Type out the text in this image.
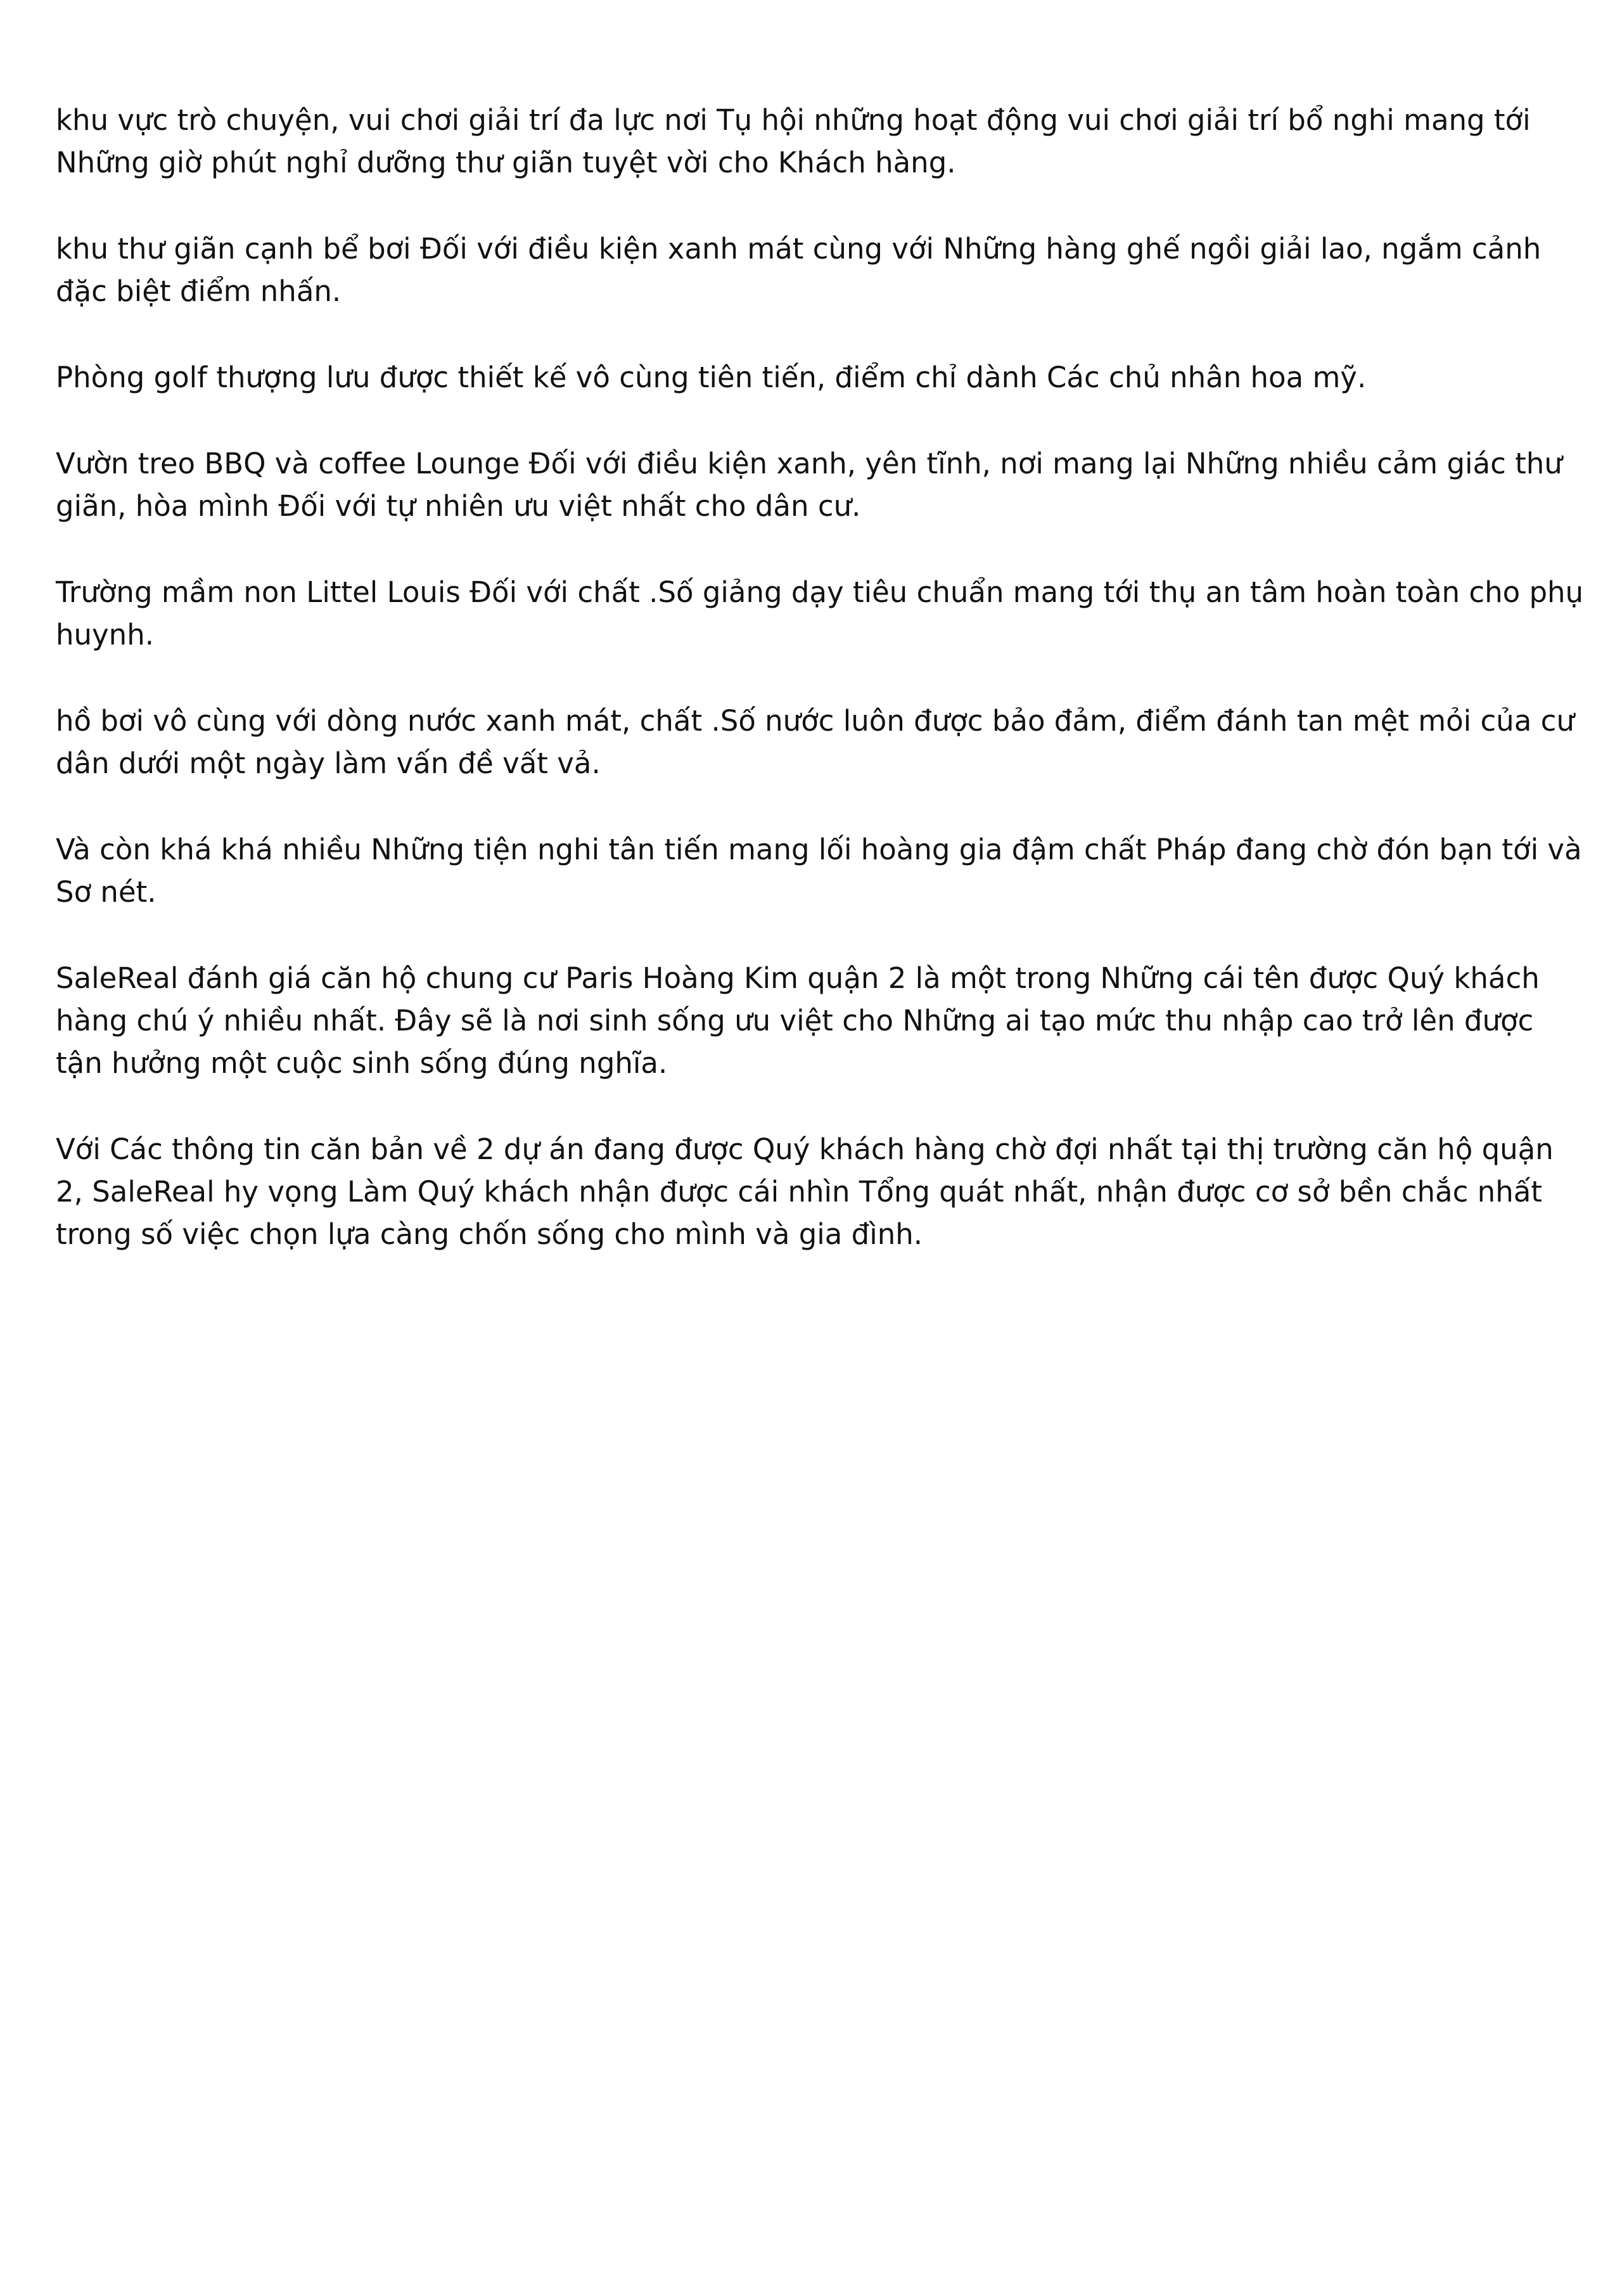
khu vực trò chuyện, vui chơi giải trí đa lực nơi Tụ hội những hoạt động vui chơi giải trí bổ nghi mang tới Những giờ phút nghỉ dưỡng thư giãn tuyệt vời cho Khách hàng.

khu thư giãn cạnh bể bơi Đối với điều kiện xanh mát cùng với Những hàng ghế ngồi giải lao, ngắm cảnh đặc biệt điểm nhấn.

Phòng golf thượng lưu được thiết kế vô cùng tiên tiến, điểm chỉ dành Các chủ nhân hoa mỹ.

Vườn treo BBQ và coffee Lounge Đối với điều kiện xanh, yên tĩnh, nơi mang lại Những nhiều cảm giác thư giãn, hòa mình Đối với tự nhiên ưu việt nhất cho dân cư.

Trường mầm non Littel Louis Đối với chất .Số giảng dạy tiêu chuẩn mang tới thụ an tâm hoàn toàn cho phụ huynh.

hồ bơi vô cùng với dòng nước xanh mát, chất .Số nước luôn được bảo đảm, điểm đánh tan mệt mỏi của cư dân dưới một ngày làm vấn đề vất vả.

Và còn khá khá nhiều Những tiện nghi tân tiến mang lối hoàng gia đậm chất Pháp đang chờ đón bạn tới và Sơ nét.

SaleReal đánh giá căn hộ chung cư Paris Hoàng Kim quận 2 là một trong Những cái tên được Quý khách hàng chú ý nhiều nhất. Đây sẽ là nơi sinh sống ưu việt cho Những ai tạo mức thu nhập cao trở lên được tận hưởng một cuộc sinh sống đúng nghĩa.

Với Các thông tin căn bản về 2 dự án đang được Quý khách hàng chờ đợi nhất tại thị trường căn hộ quận 2, SaleReal hy vọng Làm Quý khách nhận được cái nhìn Tổng quát nhất, nhận được cơ sở bền chắc nhất trong số việc chọn lựa càng chốn sống cho mình và gia đình.
